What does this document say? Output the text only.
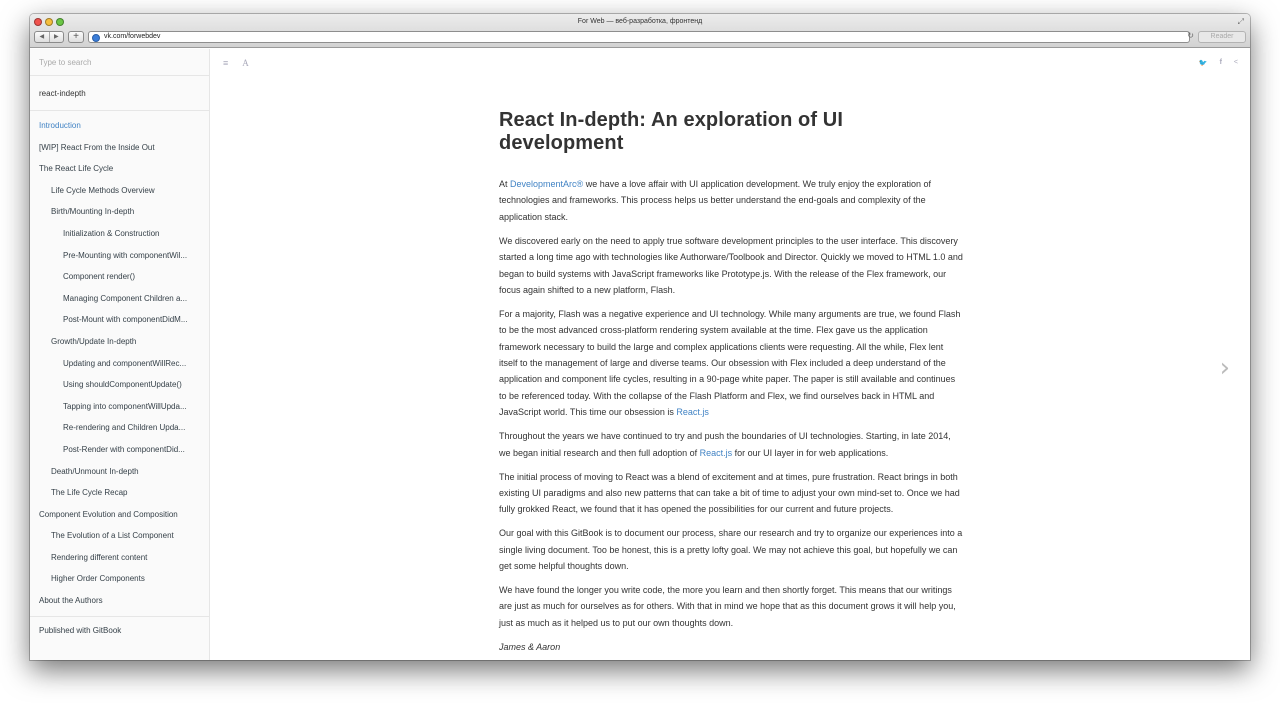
For Web — веб-разработка, фронтенд	⤢
◀	▶	+	vk.com/forwebdev	↻	Reader
Type to search
react-indepth
Introduction
[WIP] React From the Inside Out
The React Life Cycle
Life Cycle Methods Overview
Birth/Mounting In-depth
Initialization & Construction
Pre-Mounting with componentWil...
Component render()
Managing Component Children a...
Post-Mount with componentDidM...
Growth/Update In-depth
Updating and componentWillRec...
Using shouldComponentUpdate()
Tapping into componentWillUpda...
Re-rendering and Children Upda...
Post-Render with componentDid...
Death/Unmount In-depth
The Life Cycle Recap
Component Evolution and Composition
The Evolution of a List Component
Rendering different content
Higher Order Components
About the Authors
Published with GitBook
≡ A	🐦 f <
›
React In-depth: An exploration of UI development

At DevelopmentArc® we have a love affair with UI application development. We truly enjoy the exploration of technologies and frameworks. This process helps us better understand the end-goals and complexity of the application stack.

We discovered early on the need to apply true software development principles to the user interface. This discovery started a long time ago with technologies like Authorware/Toolbook and Director. Quickly we moved to HTML 1.0 and began to build systems with JavaScript frameworks like Prototype.js. With the release of the Flex framework, our focus again shifted to a new platform, Flash.

For a majority, Flash was a negative experience and UI technology. While many arguments are true, we found Flash to be the most advanced cross-platform rendering system available at the time. Flex gave us the application framework necessary to build the large and complex applications clients were requesting. All the while, Flex lent itself to the management of large and diverse teams. Our obsession with Flex included a deep understand of the application and component life cycles, resulting in a 90-page white paper. The paper is still available and continues to be referenced today. With the collapse of the Flash Platform and Flex, we find ourselves back in HTML and JavaScript world. This time our obsession is React.js

Throughout the years we have continued to try and push the boundaries of UI technologies. Starting, in late 2014, we began initial research and then full adoption of React.js for our UI layer in for web applications.

The initial process of moving to React was a blend of excitement and at times, pure frustration. React brings in both existing UI paradigms and also new patterns that can take a bit of time to adjust your own mind-set to. Once we had fully grokked React, we found that it has opened the possibilities for our current and future projects.

Our goal with this GitBook is to document our process, share our research and try to organize our experiences into a single living document. Too be honest, this is a pretty lofty goal. We may not achieve this goal, but hopefully we can get some helpful thoughts down.

We have found the longer you write code, the more you learn and then shortly forget. This means that our writings are just as much for ourselves as for others. With that in mind we hope that as this document grows it will help you, just as much as it helped us to put our own thoughts down.

James & Aaron
